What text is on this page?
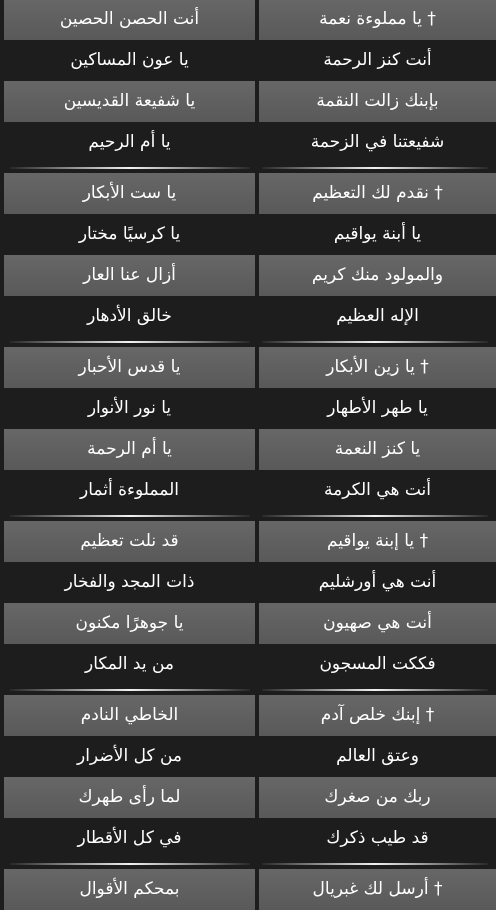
أنت الحصن الحصين	† يا مملوءة نعمة
يا عون المساكين	أنت كنز الرحمة
يا شفيعة القديسين	بإبنك زالت النقمة
يا أم الرحيم	شفيعتنا في الزحمة
يا ست الأبكار	† نقدم لك التعظيم
يا كرسيًا مختار	يا أبنة يواقيم
أزال عنا العار	والمولود منك كريم
خالق الأدهار	الإله العظيم
يا قدس الأحبار	† يا زين الأبكار
يا نور الأنوار	يا طهر الأطهار
يا أم الرحمة	يا كنز النعمة
المملوءة أثمار	أنت هي الكرمة
قد نلت تعظيم	† يا إبنة يواقيم
ذات المجد والفخار	أنت هي أورشليم
يا جوهرًا مكنون	أنت هي صهيون
من يد المكار	فككت المسجون
الخاطي النادم	† إبنك خلص آدم
من كل الأضرار	وعتق العالم
لما رأى طهرك	ربك من صغرك
في كل الأقطار	قد طيب ذكرك
بمحكم الأقوال	† أرسل لك غبريال
